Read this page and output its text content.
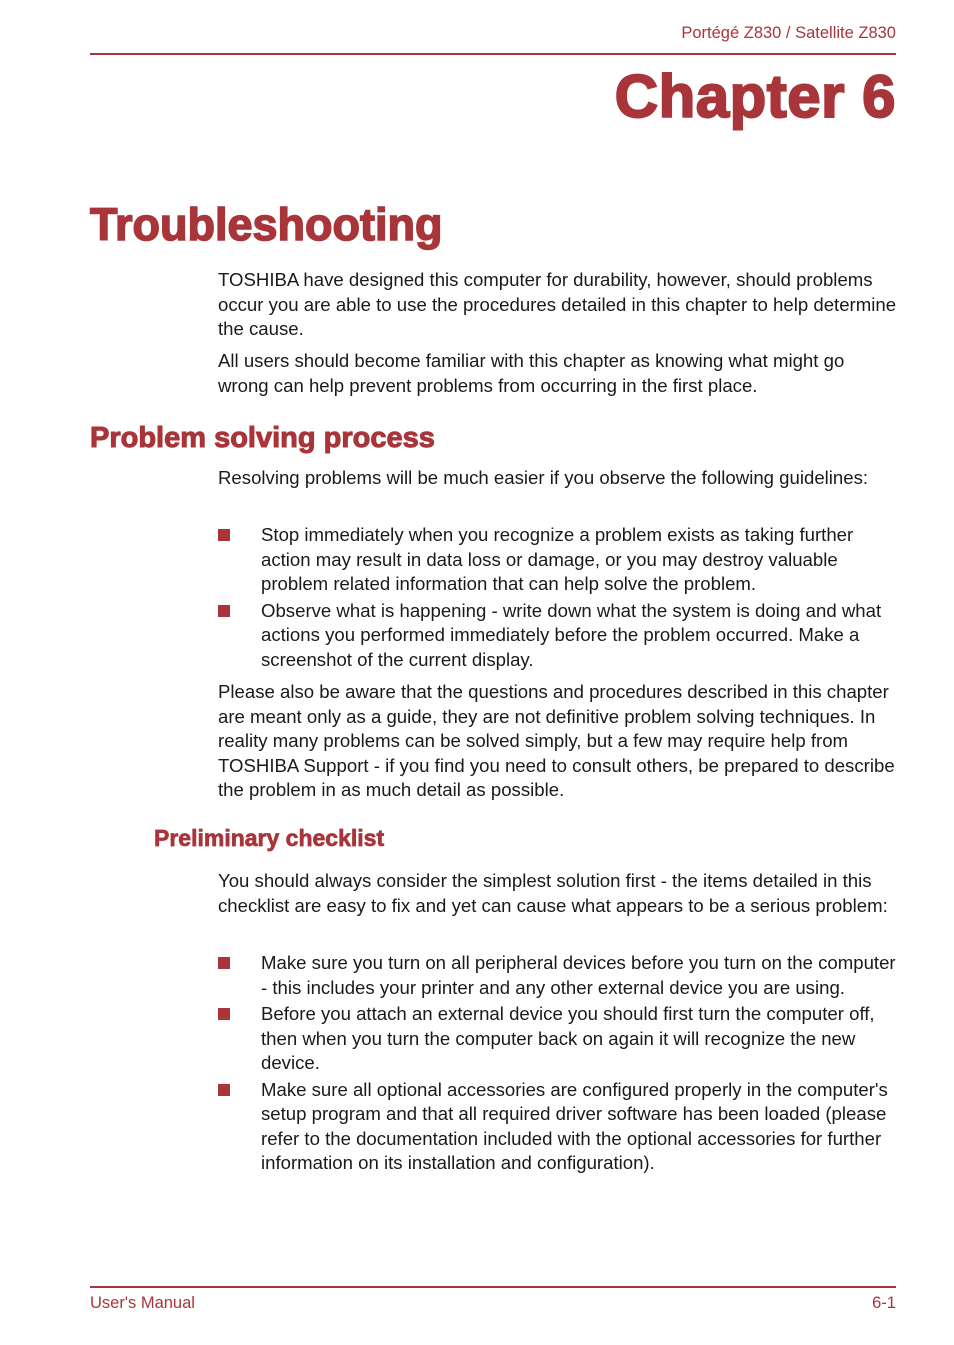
Portégé Z830 / Satellite Z830
Chapter 6
Troubleshooting

TOSHIBA have designed this computer for durability, however, should problems occur you are able to use the procedures detailed in this chapter to help determine the cause.

All users should become familiar with this chapter as knowing what might go wrong can help prevent problems from occurring in the first place.

Problem solving process

Resolving problems will be much easier if you observe the following guidelines:

Stop immediately when you recognize a problem exists as taking further action may result in data loss or damage, or you may destroy valuable problem related information that can help solve the problem.
Observe what is happening - write down what the system is doing and what actions you performed immediately before the problem occurred. Make a screenshot of the current display.

Please also be aware that the questions and procedures described in this chapter are meant only as a guide, they are not definitive problem solving techniques. In reality many problems can be solved simply, but a few may require help from TOSHIBA Support - if you find you need to consult others, be prepared to describe the problem in as much detail as possible.

Preliminary checklist

You should always consider the simplest solution first - the items detailed in this checklist are easy to fix and yet can cause what appears to be a serious problem:

Make sure you turn on all peripheral devices before you turn on the computer - this includes your printer and any other external device you are using.
Before you attach an external device you should first turn the computer off, then when you turn the computer back on again it will recognize the new device.
Make sure all optional accessories are configured properly in the computer's setup program and that all required driver software has been loaded (please refer to the documentation included with the optional accessories for further information on its installation and configuration).
User's Manual	6-1
